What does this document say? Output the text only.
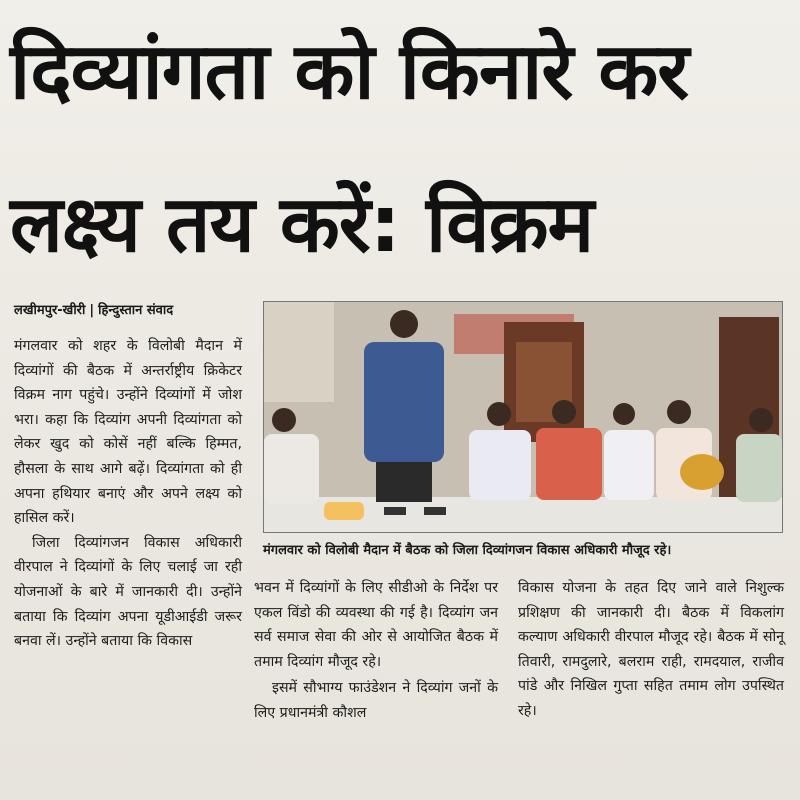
दिव्यांगता को किनारे कर
लक्ष्य तय करें: विक्रम
लखीमपुर-खीरी | हिन्दुस्तान संवाद

मंगलवार को शहर के विलोबी मैदान में दिव्यांगों की बैठक में अन्तर्राष्ट्रीय क्रिकेटर विक्रम नाग पहुंचे। उन्होंने दिव्यांगों में जोश भरा। कहा कि दिव्यांग अपनी दिव्यांगता को लेकर खुद को कोसें नहीं बल्कि हिम्मत, हौसला के साथ आगे बढ़ें। दिव्यांगता को ही अपना हथियार बनाएं और अपने लक्ष्य को हासिल करें।

जिला दिव्यांगजन विकास अधिकारी वीरपाल ने दिव्यांगों के लिए चलाई जा रही योजनाओं के बारे में जानकारी दी। उन्होंने बताया कि दिव्यांग अपना यूडीआईडी जरूर बनवा लें। उन्होंने बताया कि विकास

मंगलवार को विलोबी मैदान में बैठक को जिला दिव्यांगजन विकास अधिकारी मौजूद रहे।

भवन में दिव्यांगों के लिए सीडीओ के निर्देश पर एकल विंडो की व्यवस्था की गई है। दिव्यांग जन सर्व समाज सेवा की ओर से आयोजित बैठक में तमाम दिव्यांग मौजूद रहे।

इसमें सौभाग्य फाउंडेशन ने दिव्यांग जनों के लिए प्रधानमंत्री कौशल

विकास योजना के तहत दिए जाने वाले निशुल्क प्रशिक्षण की जानकारी दी। बैठक में विकलांग कल्याण अधिकारी वीरपाल मौजूद रहे। बैठक में सोनू तिवारी, रामदुलारे, बलराम राही, रामदयाल, राजीव पांडे और निखिल गुप्ता सहित तमाम लोग उपस्थित रहे।
